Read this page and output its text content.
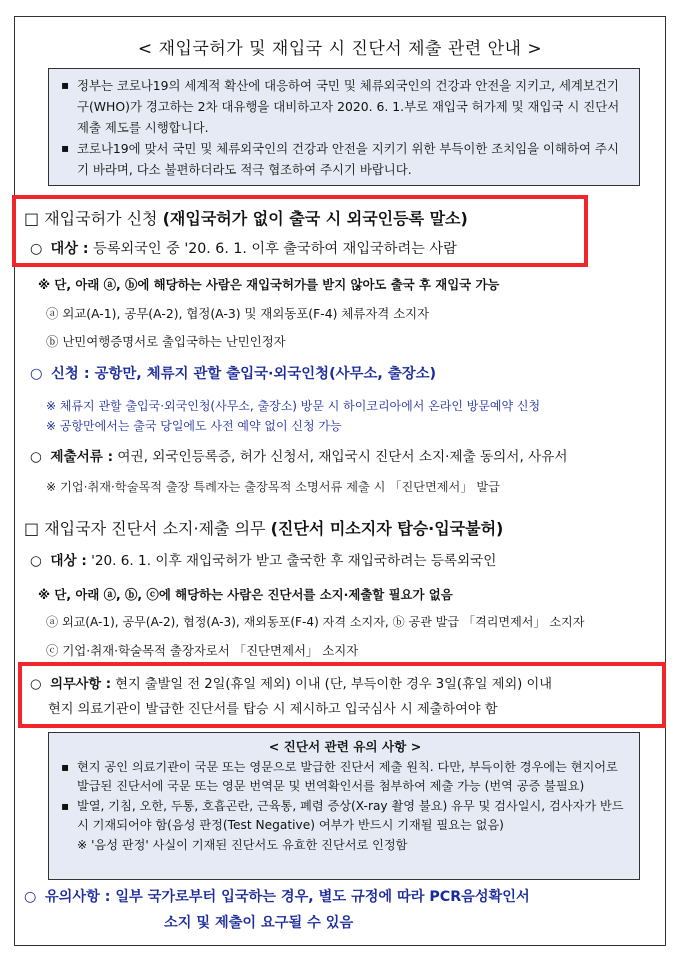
< 재입국허가 및 재입국 시 진단서 제출 관련 안내 >
▪ 정부는 코로나19의 세계적 확산에 대응하여 국민 및 체류외국인의 건강과 안전을 지키고, 세계보건기구(WHO)가 경고하는 2차 대유행을 대비하고자 2020. 6. 1.부로 재입국 허가제 및 재입국 시 진단서 제출 제도를 시행합니다.
▪ 코로나19에 맞서 국민 및 체류외국인의 건강과 안전을 지키기 위한 부득이한 조치임을 이해하여 주시기 바라며, 다소 불편하더라도 적극 협조하여 주시기 바랍니다.
□ 재입국허가 신청 (재입국허가 없이 출국 시 외국인등록 말소)
○ 대상 : 등록외국인 중 '20. 6. 1. 이후 출국하여 재입국하려는 사람
※ 단, 아래 ⓐ, ⓑ에 해당하는 사람은 재입국허가를 받지 않아도 출국 후 재입국 가능
ⓐ 외교(A-1), 공무(A-2), 협정(A-3) 및 재외동포(F-4) 체류자격 소지자
ⓑ 난민여행증명서로 출입국하는 난민인정자
○ 신청 : 공항만, 체류지 관할 출입국·외국인청(사무소, 출장소)
※ 체류지 관할 출입국·외국인청(사무소, 출장소) 방문 시 하이코리아에서 온라인 방문예약 신청
※ 공항만에서는 출국 당일에도 사전 예약 없이 신청 가능
○ 제출서류 : 여권, 외국인등록증, 허가 신청서, 재입국시 진단서 소지·제출 동의서, 사유서
※ 기업·취재·학술목적 출장 특례자는 출장목적 소명서류 제출 시 「진단면제서」 발급
□ 재입국자 진단서 소지·제출 의무 (진단서 미소지자 탑승·입국불허)
○ 대상 : '20. 6. 1. 이후 재입국허가 받고 출국한 후 재입국하려는 등록외국인
※ 단, 아래 ⓐ, ⓑ, ⓒ에 해당하는 사람은 진단서를 소지·제출할 필요가 없음
ⓐ 외교(A-1), 공무(A-2), 협정(A-3), 재외동포(F-4) 자격 소지자, ⓑ 공관 발급 「격리면제서」 소지자
ⓒ 기업·취재·학술목적 출장자로서 「진단면제서」 소지자
○ 의무사항 : 현지 출발일 전 2일(휴일 제외) 이내 (단, 부득이한 경우 3일(휴일 제외) 이내
현지 의료기관이 발급한 진단서를 탑승 시 제시하고 입국심사 시 제출하여야 함
< 진단서 관련 유의 사항 >
▪ 현지 공인 의료기관이 국문 또는 영문으로 발급한 진단서 제출 원칙. 다만, 부득이한 경우에는 현지어로 발급된 진단서에 국문 또는 영문 번역문 및 번역확인서를 첨부하여 제출 가능 (번역 공증 불필요)
▪ 발열, 기침, 오한, 두통, 호흡곤란, 근육통, 폐렴 증상(X-ray 촬영 불요) 유무 및 검사일시, 검사자가 반드시 기재되어야 함(음성 판정(Test Negative) 여부가 반드시 기재될 필요는 없음)
※ '음성 판정' 사실이 기재된 진단서도 유효한 진단서로 인정함
○ 유의사항 : 일부 국가로부터 입국하는 경우, 별도 규정에 따라 PCR음성확인서
소지 및 제출이 요구될 수 있음
